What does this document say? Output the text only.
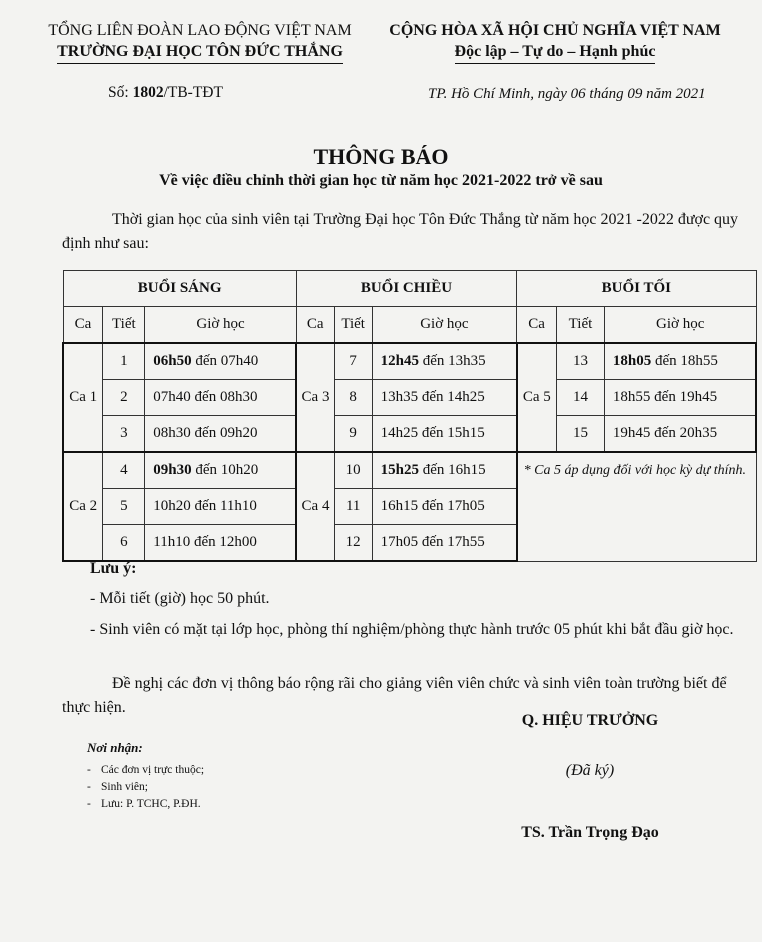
TỔNG LIÊN ĐOÀN LAO ĐỘNG VIỆT NAM
TRƯỜNG ĐẠI HỌC TÔN ĐỨC THẮNG
CỘNG HÒA XÃ HỘI CHỦ NGHĨA VIỆT NAM
Độc lập – Tự do – Hạnh phúc
Số: 1802/TB-TĐT	TP. Hồ Chí Minh, ngày 06 tháng 09 năm 2021
THÔNG BÁO
Về việc điều chỉnh thời gian học từ năm học 2021-2022 trở về sau
Thời gian học của sinh viên tại Trường Đại học Tôn Đức Thắng từ năm học 2021 -2022 được quy định như sau:
BUỔI SÁNG			BUỔI CHIỀU			BUỔI TỐI		
Ca	Tiết	Giờ học	Ca	Tiết	Giờ học	Ca	Tiết	Giờ học
Ca 1	1	06h50 đến 07h40	Ca 3	7	12h45 đến 13h35	Ca 5	13	18h05 đến 18h55
	2	07h40 đến 08h30		8	13h35 đến 14h25		14	18h55 đến 19h45
	3	08h30 đến 09h20		9	14h25 đến 15h15		15	19h45 đến 20h35
Ca 2	4	09h30 đến 10h20	Ca 4	10	15h25 đến 16h15	* Ca 5 áp dụng đối với học kỳ dự thính.		
	5	10h20 đến 11h10		11	16h15 đến 17h05			
	6	11h10 đến 12h00		12	17h05 đến 17h55			
Lưu ý:
- Mỗi tiết (giờ) học 50 phút.
- Sinh viên có mặt tại lớp học, phòng thí nghiệm/phòng thực hành trước 05 phút khi bắt đầu giờ học.
Đề nghị các đơn vị thông báo rộng rãi cho giảng viên viên chức và sinh viên toàn trường biết để thực hiện.
Q. HIỆU TRƯỞNG
(Đã ký)
TS. Trần Trọng Đạo
Nơi nhận:
- Các đơn vị trực thuộc;
- Sinh viên;
- Lưu: P. TCHC, P.ĐH.
